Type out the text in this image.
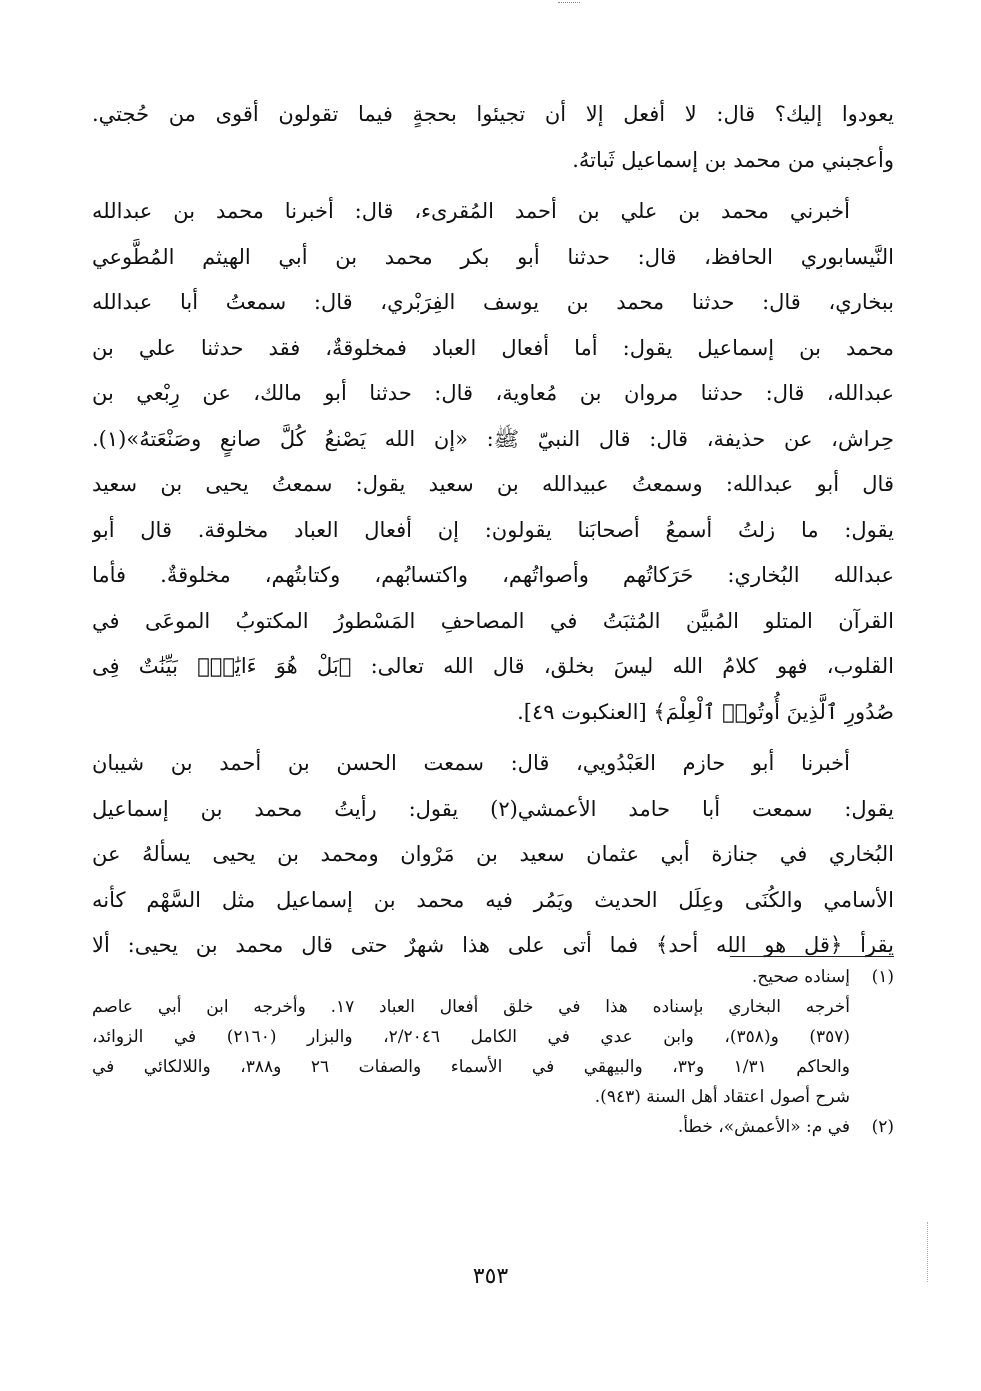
يعودوا إليك؟ قال: لا أفعل إلا أن تجيئوا بحجةٍ فيما تقولون أقوى من حُجتي.
وأعجبني من محمد بن إسماعيل ثَباتهُ.
أخبرني محمد بن علي بن أحمد المُقرىء، قال: أخبرنا محمد بن عبدالله
النَّيسابوري الحافظ، قال: حدثنا أبو بكر محمد بن أبي الهيثم المُطَّوعي
ببخاري، قال: حدثنا محمد بن يوسف الفِرَبْري، قال: سمعتُ أبا عبدالله
محمد بن إسماعيل يقول: أما أفعال العباد فمخلوقةٌ، فقد حدثنا علي بن
عبدالله، قال: حدثنا مروان بن مُعاوية، قال: حدثنا أبو مالك، عن رِبْعي بن
حِراش، عن حذيفة، قال: قال النبيّ ﷺ: «إن الله يَصْنعُ كُلَّ صانعٍ وصَنْعَتهُ»(١).
قال أبو عبدالله: وسمعتُ عبيدالله بن سعيد يقول: سمعتُ يحيى بن سعيد
يقول: ما زلتُ أسمعُ أصحابَنا يقولون: إن أفعال العباد مخلوقة. قال أبو
عبدالله البُخاري: حَرَكاتُهم وأصواتُهم، واكتسابُهم، وكتابتُهم، مخلوقةٌ. فأما
القرآن المتلو المُبيَّن المُثبَتُ في المصاحفِ المَسْطورُ المكتوبُ الموعَى في
القلوب، فهو كلامُ الله ليسَ بخلق، قال الله تعالى: ﴿بَلْ هُوَ ءَايَٰتٌۢ بَيِّنَٰتٌ فِى
صُدُورِ ٱلَّذِينَ أُوتُوا۟ ٱلْعِلْمَ﴾ [العنكبوت ٤٩].
أخبرنا أبو حازم العَبْدُويي، قال: سمعت الحسن بن أحمد بن شيبان
يقول: سمعت أبا حامد الأعمشي(٢) يقول: رأيتُ محمد بن إسماعيل
البُخاري في جنازة أبي عثمان سعيد بن مَرْوان ومحمد بن يحيى يسألهُ عن
الأسامي والكُنَى وعِلَل الحديث ويَمُر فيه محمد بن إسماعيل مثل السَّهْم كأنه
يقرأ ﴿قل هو الله أحد﴾ فما أتى على هذا شهرٌ حتى قال محمد بن يحيى: ألا
(١)إسناده صحيح.
أخرجه البخاري بإسناده هذا في خلق أفعال العباد ١٧. وأخرجه ابن أبي عاصم
(٣٥٧) و(٣٥٨)، وابن عدي في الكامل ٢/٢٠٤٦، والبزار (٢١٦٠) في الزوائد،
والحاكم ١/٣١ و٣٢، والبيهقي في الأسماء والصفات ٢٦ و٣٨٨، واللالكائي في
شرح أصول اعتقاد أهل السنة (٩٤٣).
(٢)في م: «الأعمش»، خطأ.
٣٥٣
